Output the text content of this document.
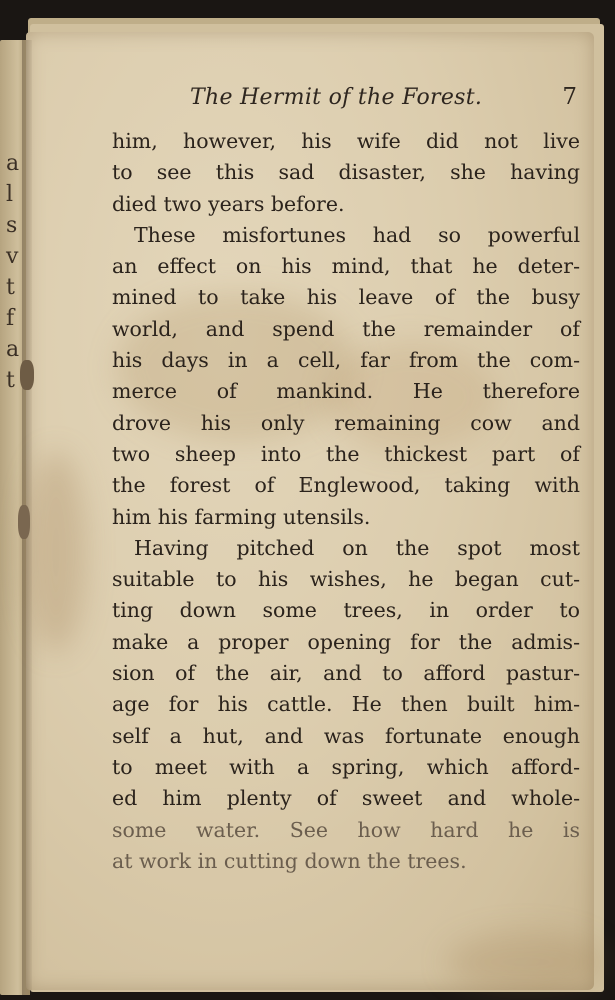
a
l
s
v
t
f
a
t
The Hermit of the Forest.	7
him, however, his wife did not live
to see this sad disaster, she having
died two years before.
These misfortunes had so powerful
an effect on his mind, that he deter-
mined to take his leave of the busy
world, and spend the remainder of
his days in a cell, far from the com-
merce of mankind. He therefore
drove his only remaining cow and
two sheep into the thickest part of
the forest of Englewood, taking with
him his farming utensils.
Having pitched on the spot most
suitable to his wishes, he began cut-
ting down some trees, in order to
make a proper opening for the admis-
sion of the air, and to afford pastur-
age for his cattle. He then built him-
self a hut, and was fortunate enough
to meet with a spring, which afford-
ed him plenty of sweet and whole-
some water. See how hard he is
at work in cutting down the trees.
